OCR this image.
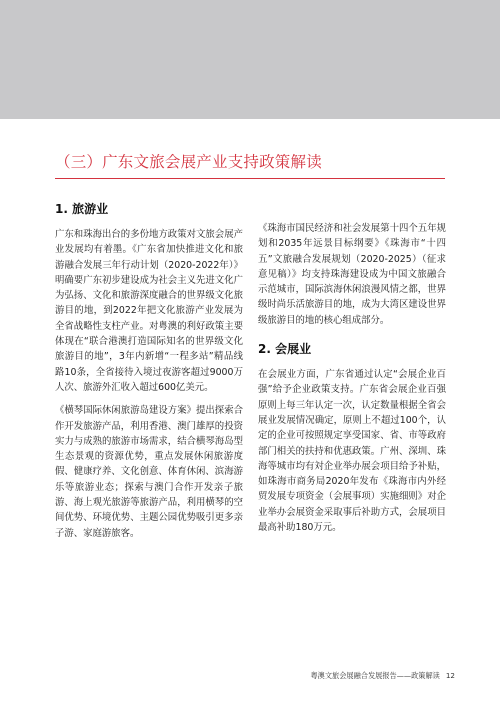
（三）广东文旅会展产业支持政策解读
1. 旅游业

广东和珠海出台的多份地方政策对文旅会展产业发展均有着墨。《广东省加快推进文化和旅游融合发展三年行动计划（2020-2022年）》明确要广东初步建设成为社会主义先进文化广为弘扬、文化和旅游深度融合的世界级文化旅游目的地，到2022年把文化旅游产业发展为全省战略性支柱产业。对粤澳的利好政策主要体现在“联合港澳打造国际知名的世界级文化旅游目的地”，3年内新增“一程多站”精品线路10条，全省接待入境过夜游客超过9000万人次、旅游外汇收入超过600亿美元。

《横琴国际休闲旅游岛建设方案》提出探索合作开发旅游产品，利用香港、澳门雄厚的投资实力与成熟的旅游市场需求，结合横琴海岛型生态景观的资源优势，重点发展休闲旅游度假、健康疗养、文化创意、体育休闲、滨海游乐等旅游业态；探索与澳门合作开发亲子旅游、海上观光旅游等旅游产品，利用横琴的空间优势、环境优势、主题公园优势吸引更多亲子游、家庭游旅客。

《珠海市国民经济和社会发展第十四个五年规划和2035年远景目标纲要》《珠海市“十四五”文旅融合发展规划（2020-2025）（征求意见稿）》均支持珠海建设成为中国文旅融合示范城市，国际滨海休闲浪漫风情之都，世界级时尚乐活旅游目的地，成为大湾区建设世界级旅游目的地的核心组成部分。

2. 会展业

在会展业方面，广东省通过认定“会展企业百强”给予企业政策支持。广东省会展企业百强原则上每三年认定一次，认定数量根据全省会展业发展情况确定，原则上不超过100个，认定的企业可按照规定享受国家、省、市等政府部门相关的扶持和优惠政策。广州、深圳、珠海等城市均有対企业举办展会项目给予补贴，如珠海市商务局2020年发布《珠海市内外经贸发展专项资金（会展事项）实施细则》对企业举办会展资金采取事后补助方式，会展项目最高补助180万元。

粤澳文旅会展融合发展报告——政策解读 12
